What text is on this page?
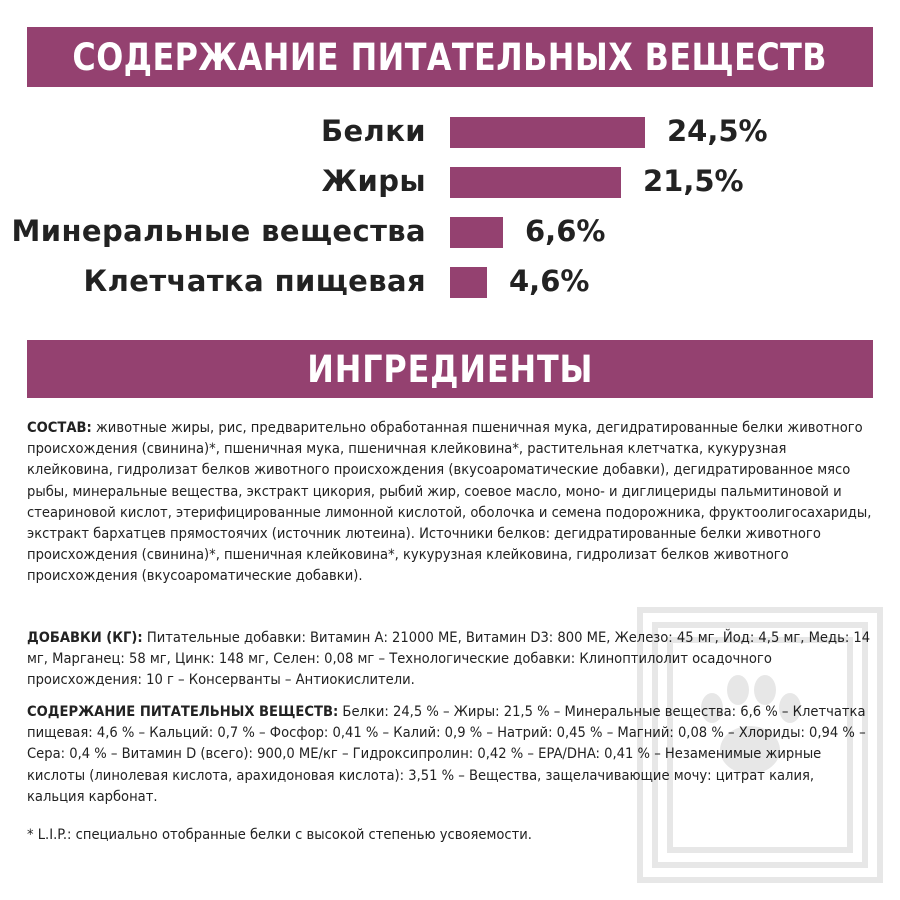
СОДЕРЖАНИЕ ПИТАТЕЛЬНЫХ ВЕЩЕСТВ
Белки	24,5%
Жиры	21,5%
Минеральные вещества	6,6%
Клетчатка пищевая	4,6%
ИНГРЕДИЕНТЫ
СОСТАВ: животные жиры, рис, предварительно обработанная пшеничная мука, дегидратированные белки животного происхождения (свинина)*, пшеничная мука, пшеничная клейковина*, растительная клетчатка, кукурузная клейковина, гидролизат белков животного происхождения (вкусоароматические добавки), дегидратированное мясо рыбы, минеральные вещества, экстракт цикория, рыбий жир, соевое масло, моно- и диглицериды пальмитиновой и стеариновой кислот, этерифицированные лимонной кислотой, оболочка и семена подорожника, фруктоолигосахариды, экстракт бархатцев прямостоячих (источник лютеина). Источники белков: дегидратированные белки животного происхождения (свинина)*, пшеничная клейковина*, кукурузная клейковина, гидролизат белков животного происхождения (вкусоароматические добавки).
ДОБАВКИ (КГ): Питательные добавки: Витамин А: 21000 МЕ, Витамин D3: 800 МЕ, Железо: 45 мг, Йод: 4,5 мг, Медь: 14 мг, Марганец: 58 мг, Цинк: 148 мг, Селен: 0,08 мг – Технологические добавки: Клиноптилолит осадочного происхождения: 10 г – Консерванты – Антиокислители.
СОДЕРЖАНИЕ ПИТАТЕЛЬНЫХ ВЕЩЕСТВ: Белки: 24,5 % – Жиры: 21,5 % – Минеральные вещества: 6,6 % – Клетчатка пищевая: 4,6 % – Кальций: 0,7 % – Фосфор: 0,41 % – Калий: 0,9 % – Натрий: 0,45 % – Магний: 0,08 % – Хлориды: 0,94 % – Сера: 0,4 % – Витамин D (всего): 900,0 МЕ/кг – Гидроксипролин: 0,42 % – EPA/DHA: 0,41 % – Незаменимые жирные кислоты (линолевая кислота, арахидоновая кислота): 3,51 % – Вещества, защелачивающие мочу: цитрат калия, кальция карбонат.
* L.I.P.: специально отобранные белки с высокой степенью усвояемости.
